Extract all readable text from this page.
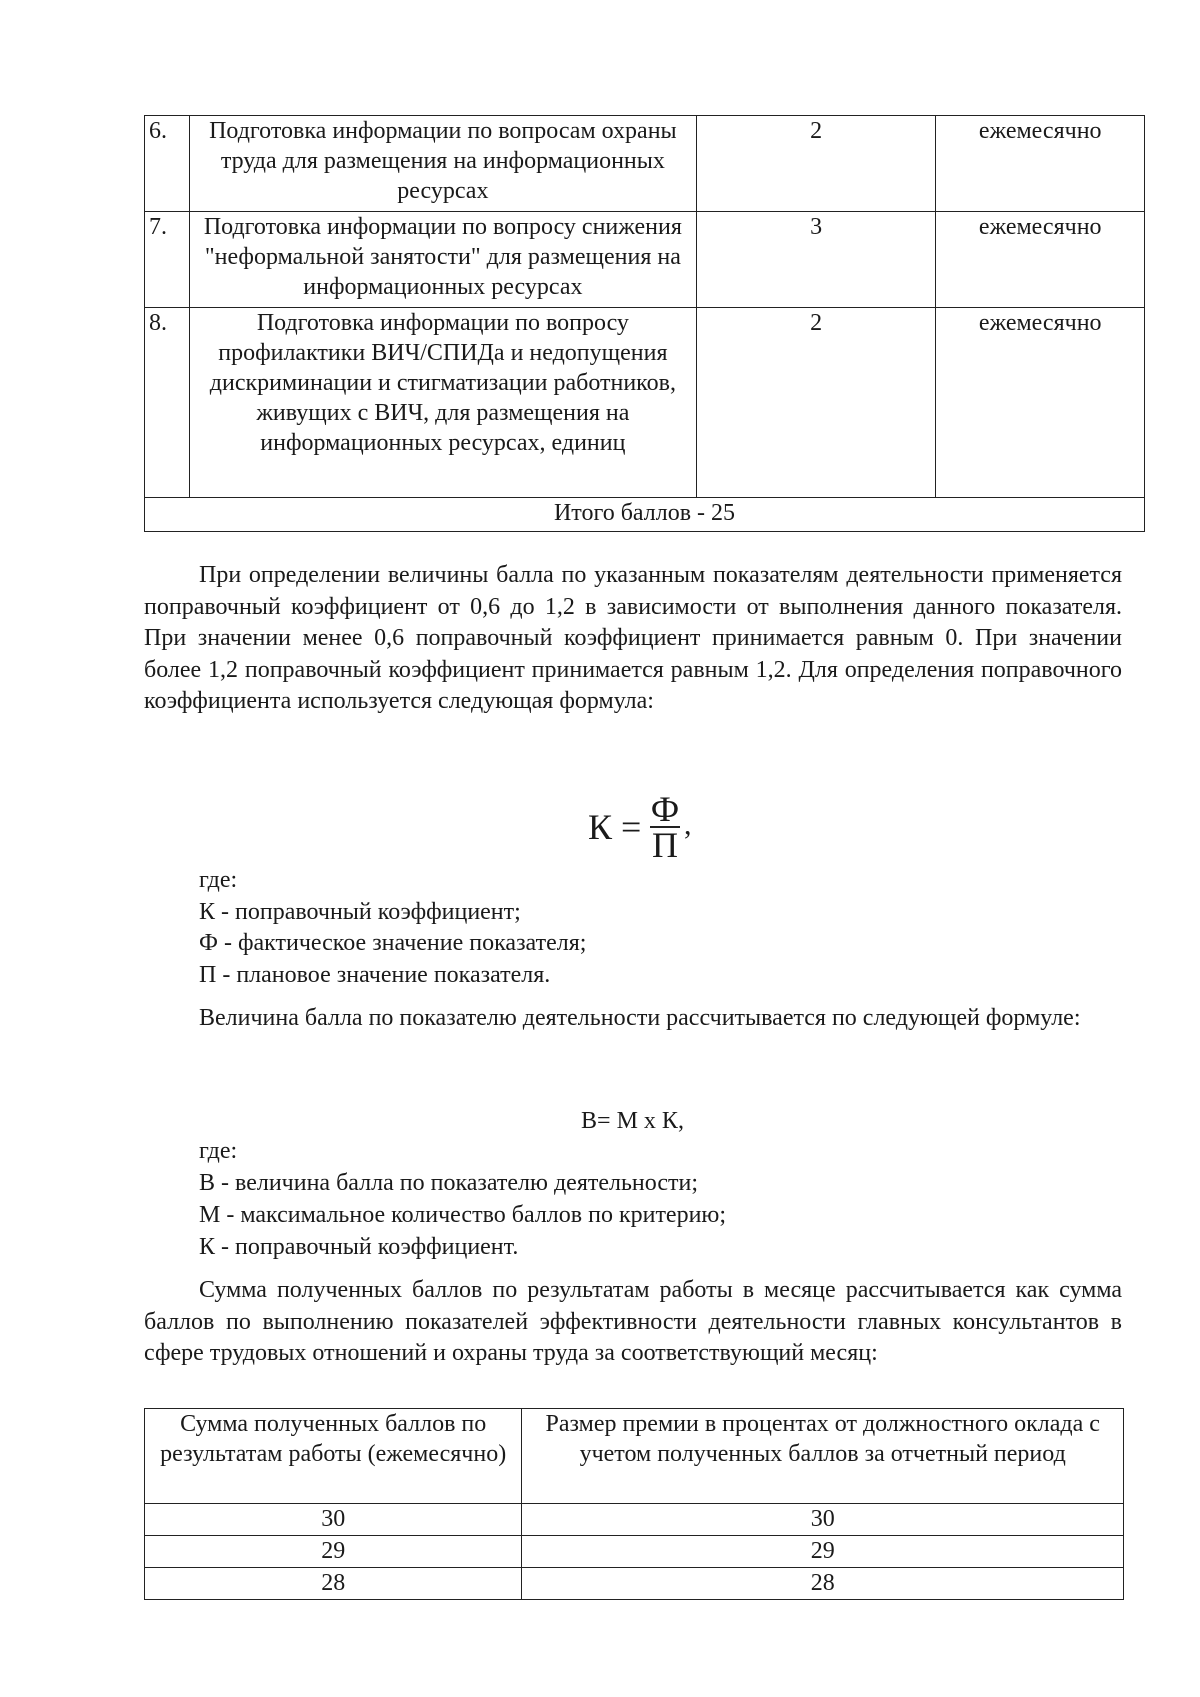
6.	Подготовка информации по вопросам охраны труда для размещения на информационных ресурсах	2	ежемесячно
7.	Подготовка информации по вопросу снижения "неформальной занятости" для размещения на информационных ресурсах	3	ежемесячно
8.	Подготовка информации по вопросу профилактики ВИЧ/СПИДа и недопущения дискриминации и стигматизации работников, живущих с ВИЧ, для размещения на информационных ресурсах, единиц	2	ежемесячно
Итого баллов - 25			

При определении величины балла по указанным показателям деятельности применяется поправочный коэффициент от 0,6 до 1,2 в зависимости от выполнения данного показателя. При значении менее 0,6 поправочный коэффициент принимается равным 0. При значении более 1,2 поправочный коэффициент принимается равным 1,2. Для определения поправочного коэффициента используется следующая формула:

К = Ф
П
,

где:

К - поправочный коэффициент;

Ф - фактическое значение показателя;

П - плановое значение показателя.

Величина балла по показателю деятельности рассчитывается по следующей формуле:

В= М х К,

где:

В - величина балла по показателю деятельности;

М - максимальное количество баллов по критерию;

К - поправочный коэффициент.

Сумма полученных баллов по результатам работы в месяце рассчитывается как сумма баллов по выполнению показателей эффективности деятельности главных консультантов в сфере трудовых отношений и охраны труда за соответствующий месяц:

Сумма полученных баллов по результатам работы (ежемесячно)	Размер премии в процентах от должностного оклада с учетом полученных баллов за отчетный период
30	30
29	29
28	28
